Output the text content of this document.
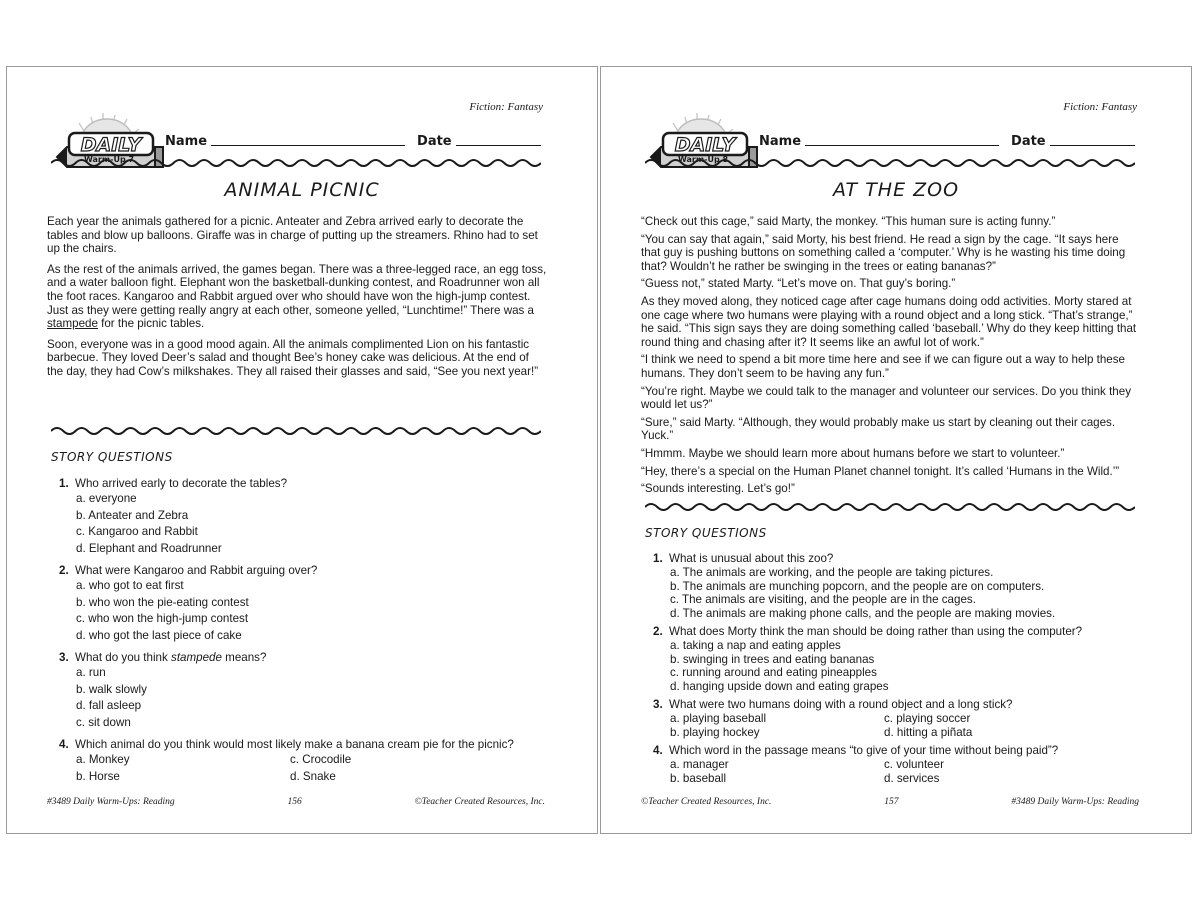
Fiction: Fantasy
DAILY
Warm-Up 7
Name	Date
ANIMAL PICNIC

Each year the animals gathered for a picnic. Anteater and Zebra arrived early to decorate the tables and blow up balloons. Giraffe was in charge of putting up the streamers. Rhino had to set up the chairs.

As the rest of the animals arrived, the games began. There was a three-legged race, an egg toss, and a water balloon fight. Elephant won the basketball-dunking contest, and Roadrunner won all the foot races. Kangaroo and Rabbit argued over who should have won the high-jump contest. Just as they were getting really angry at each other, someone yelled, “Lunchtime!” There was a stampede for the picnic tables.

Soon, everyone was in a good mood again. All the animals complimented Lion on his fantastic barbecue. They loved Deer’s salad and thought Bee’s honey cake was delicious. At the end of the day, they had Cow’s milkshakes. They all raised their glasses and said, “See you next year!”

STORY QUESTIONS
1. Who arrived early to decorate the tables?
a. everyone
b. Anteater and Zebra
c. Kangaroo and Rabbit
d. Elephant and Roadrunner
2. What were Kangaroo and Rabbit arguing over?
a. who got to eat first
b. who won the pie-eating contest
c. who won the high-jump contest
d. who got the last piece of cake
3. What do you think stampede means?
a. run
b. walk slowly
d. fall asleep
c. sit down
4. Which animal do you think would most likely make a banana cream pie for the picnic?
a. Monkey	c. Crocodile
b. Horse	d. Snake
#3489 Daily Warm-Ups: Reading	156	©Teacher Created Resources, Inc.
Fiction: Fantasy
DAILY
Warm-Up 8
Name	Date
AT THE ZOO

“Check out this cage,” said Marty, the monkey. “This human sure is acting funny.”

“You can say that again,” said Morty, his best friend. He read a sign by the cage. “It says here that guy is pushing buttons on something called a ‘computer.’ Why is he wasting his time doing that? Wouldn’t he rather be swinging in the trees or eating bananas?”

“Guess not,” stated Marty. “Let’s move on. That guy’s boring.”

As they moved along, they noticed cage after cage humans doing odd activities. Morty stared at one cage where two humans were playing with a round object and a long stick. “That’s strange,” he said. “This sign says they are doing something called ‘baseball.’ Why do they keep hitting that round thing and chasing after it? It seems like an awful lot of work.”

“I think we need to spend a bit more time here and see if we can figure out a way to help these humans. They don’t seem to be having any fun.”

“You’re right. Maybe we could talk to the manager and volunteer our services. Do you think they would let us?”

“Sure,” said Marty. “Although, they would probably make us start by cleaning out their cages. Yuck.”

“Hmmm. Maybe we should learn more about humans before we start to volunteer.”

“Hey, there’s a special on the Human Planet channel tonight. It’s called ‘Humans in the Wild.’”

“Sounds interesting. Let’s go!”

STORY QUESTIONS
1. What is unusual about this zoo?
a. The animals are working, and the people are taking pictures.
b. The animals are munching popcorn, and the people are on computers.
c. The animals are visiting, and the people are in the cages.
d. The animals are making phone calls, and the people are making movies.
2. What does Morty think the man should be doing rather than using the computer?
a. taking a nap and eating apples
b. swinging in trees and eating bananas
c. running around and eating pineapples
d. hanging upside down and eating grapes
3. What were two humans doing with a round object and a long stick?
a. playing baseball	c. playing soccer
b. playing hockey	d. hitting a piñata
4. Which word in the passage means “to give of your time without being paid”?
a. manager	c. volunteer
b. baseball	d. services
©Teacher Created Resources, Inc.	157	#3489 Daily Warm-Ups: Reading
